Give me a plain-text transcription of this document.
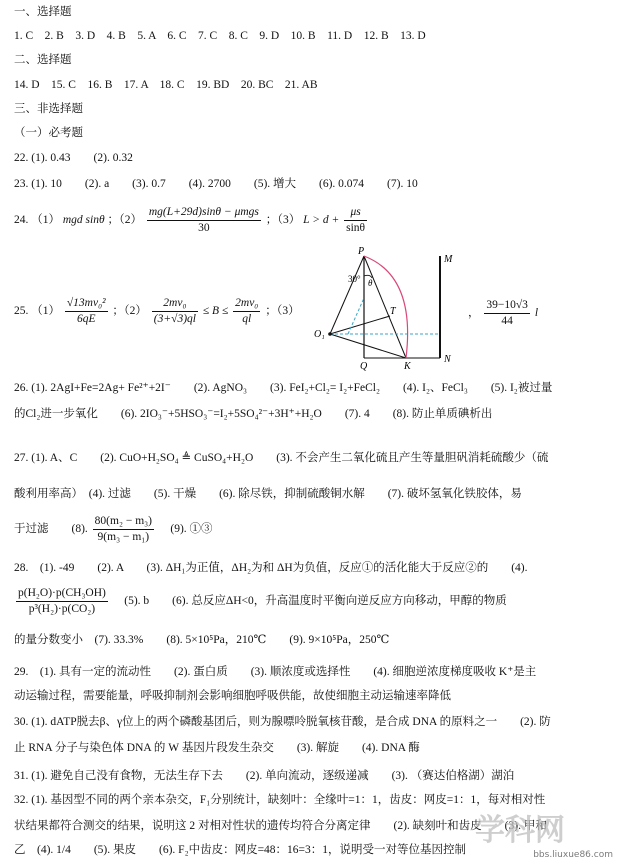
一、选择题
1. C　2. B　3. D　4. B　5. A　6. C　7. C　8. C　9. D　10. B　11. D　12. B　13. D
二、选择题
14. D　15. C　16. B　17. A　18. C　19. BD　20. BC　21. AB
三、非选择题
（一）必考题
22. (1). 0.43　　(2). 0.32
23. (1). 10　　(2). a　　(3). 0.7　　(4). 2700　　(5). 增大　　(6). 0.074　　(7). 10
24. （1） mgd sinθ ；$(2) \frac{\text{mg(L+29d)sinθ − μmgs}}{30}$ ；（3） $L > d + \frac{\mu s}{\sin\theta}$
25. $(1) \frac{\text{√13mv₀²}}{6qE}$ ；$(2) \frac{\text{2mv₀}}{(3+√3)ql} \le B \le \frac{\text{2mv₀}}{ql}$ ；（3）
P
M
T
O₁
Q	K
N
30° θ
， $\frac{39-10√3}{44}$ l
26. (1). 2AgI+Fe=2Ag+ Fe²⁺+2I⁻　　(2). AgNO₃　　(3). FeI₂+Cl₂= I₂+FeCl₂　　(4). I₂、FeCl₃　　(5). I₂被过量
的Cl₂进一步氧化　　(6). 2IO₃⁻+5HSO₃⁻=I₂+5SO₄²⁻+3H⁺+H₂O　　(7). 4　　(8). 防止单质碘析出
27. (1). A、C　　(2). CuO+H₂SO₄ ≜ CuSO₄+H₂O　　(3). 不会产生二氧化硫且产生等量胆矾消耗硫酸少（硫
酸利用率高）　(4). 过滤　　(5). 干燥　　(6). 除尽铁，抑制硫酸铜水解　　(7). 破坏氢氧化铁胶体，易
于过滤　　(8). $\frac{\text{80(m₂ − m₃)}}{\text{9(m₃ − m₁)}}$ 　(9). ①③
28.　(1). -49　　(2). A　　(3). ΔH₁为正值，ΔH₂为和 ΔH为负值，反应①的活化能大于反应②的　　(4).
$\frac{\text{p(H₂O)·p(CH₃OH)}}{\text{p³(H₂)·p(CO₂)}}$ 　(5). b　　(6). 总反应ΔH<0，升高温度时平衡向逆反应方向移动，甲醇的物质
的量分数变小　(7). 33.3%　　(8). 5×10⁵Pa，210℃　　(9). 9×10⁵Pa，250℃
29.　(1). 具有一定的流动性　　(2). 蛋白质　　(3). 顺浓度或选择性　　(4). 细胞逆浓度梯度吸收 K⁺是主
动运输过程，需要能量，呼吸抑制剂会影响细胞呼吸供能，故使细胞主动运输速率降低
30. (1). dATP脱去β、γ位上的两个磷酸基团后，则为腺嘌呤脱氧核苷酸，是合成 DNA 的原料之一　　(2). 防
止 RNA 分子与染色体 DNA 的 W 基因片段发生杂交　　(3). 解旋　　(4). DNA 酶
31. (1). 避免自己没有食物，无法生存下去　　(2). 单向流动，逐级递减　　(3). （赛达伯格湖）湖泊
32. (1). 基因型不同的两个亲本杂交，F₁分别统计，缺刻叶：全缘叶=1：1，齿皮：网皮=1：1，每对相对性
状结果都符合测交的结果，说明这 2 对相对性状的遗传均符合分离定律　　(2). 缺刻叶和齿皮　　(3). 甲和
乙　(4). 1/4　　(5). 果皮　　(6). F₂中齿皮：网皮=48：16=3：1，说明受一对等位基因控制
学科网
bbs.liuxue86.com
